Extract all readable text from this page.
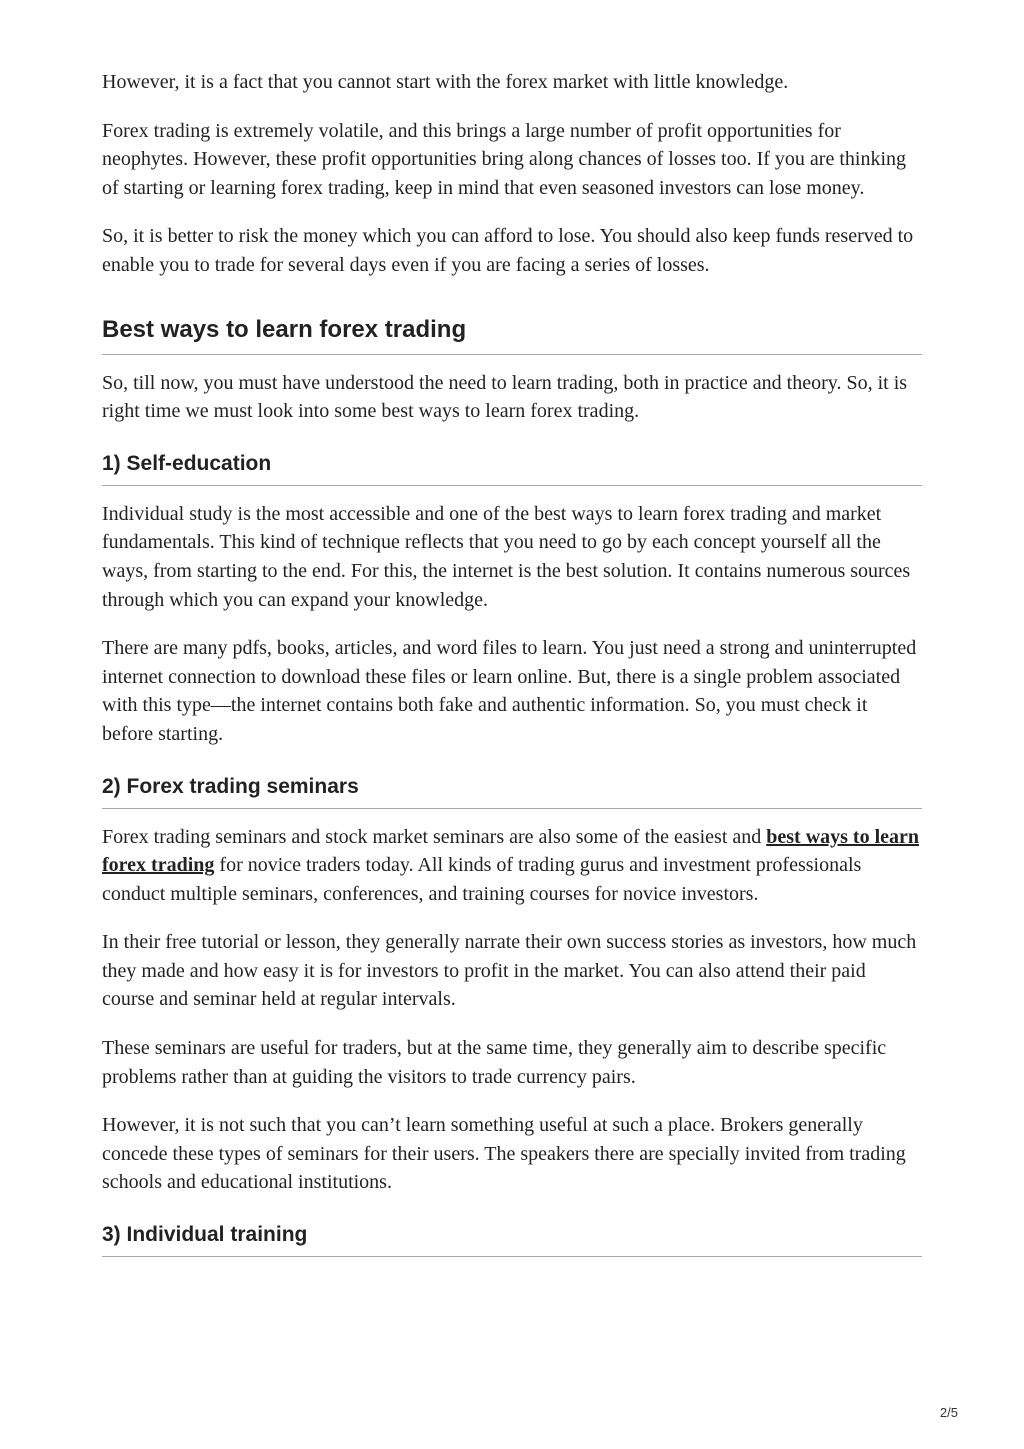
However, it is a fact that you cannot start with the forex market with little knowledge.

Forex trading is extremely volatile, and this brings a large number of profit opportunities for neophytes. However, these profit opportunities bring along chances of losses too. If you are thinking of starting or learning forex trading, keep in mind that even seasoned investors can lose money.

So, it is better to risk the money which you can afford to lose. You should also keep funds reserved to enable you to trade for several days even if you are facing a series of losses.

Best ways to learn forex trading

So, till now, you must have understood the need to learn trading, both in practice and theory. So, it is right time we must look into some best ways to learn forex trading.

1) Self-education

Individual study is the most accessible and one of the best ways to learn forex trading and market fundamentals. This kind of technique reflects that you need to go by each concept yourself all the ways, from starting to the end. For this, the internet is the best solution. It contains numerous sources through which you can expand your knowledge.

There are many pdfs, books, articles, and word files to learn. You just need a strong and uninterrupted internet connection to download these files or learn online. But, there is a single problem associated with this type—the internet contains both fake and authentic information. So, you must check it before starting.

2) Forex trading seminars

Forex trading seminars and stock market seminars are also some of the easiest and best ways to learn forex trading for novice traders today. All kinds of trading gurus and investment professionals conduct multiple seminars, conferences, and training courses for novice investors.

In their free tutorial or lesson, they generally narrate their own success stories as investors, how much they made and how easy it is for investors to profit in the market. You can also attend their paid course and seminar held at regular intervals.

These seminars are useful for traders, but at the same time, they generally aim to describe specific problems rather than at guiding the visitors to trade currency pairs.

However, it is not such that you can’t learn something useful at such a place. Brokers generally concede these types of seminars for their users. The speakers there are specially invited from trading schools and educational institutions.

3) Individual training
2/5
